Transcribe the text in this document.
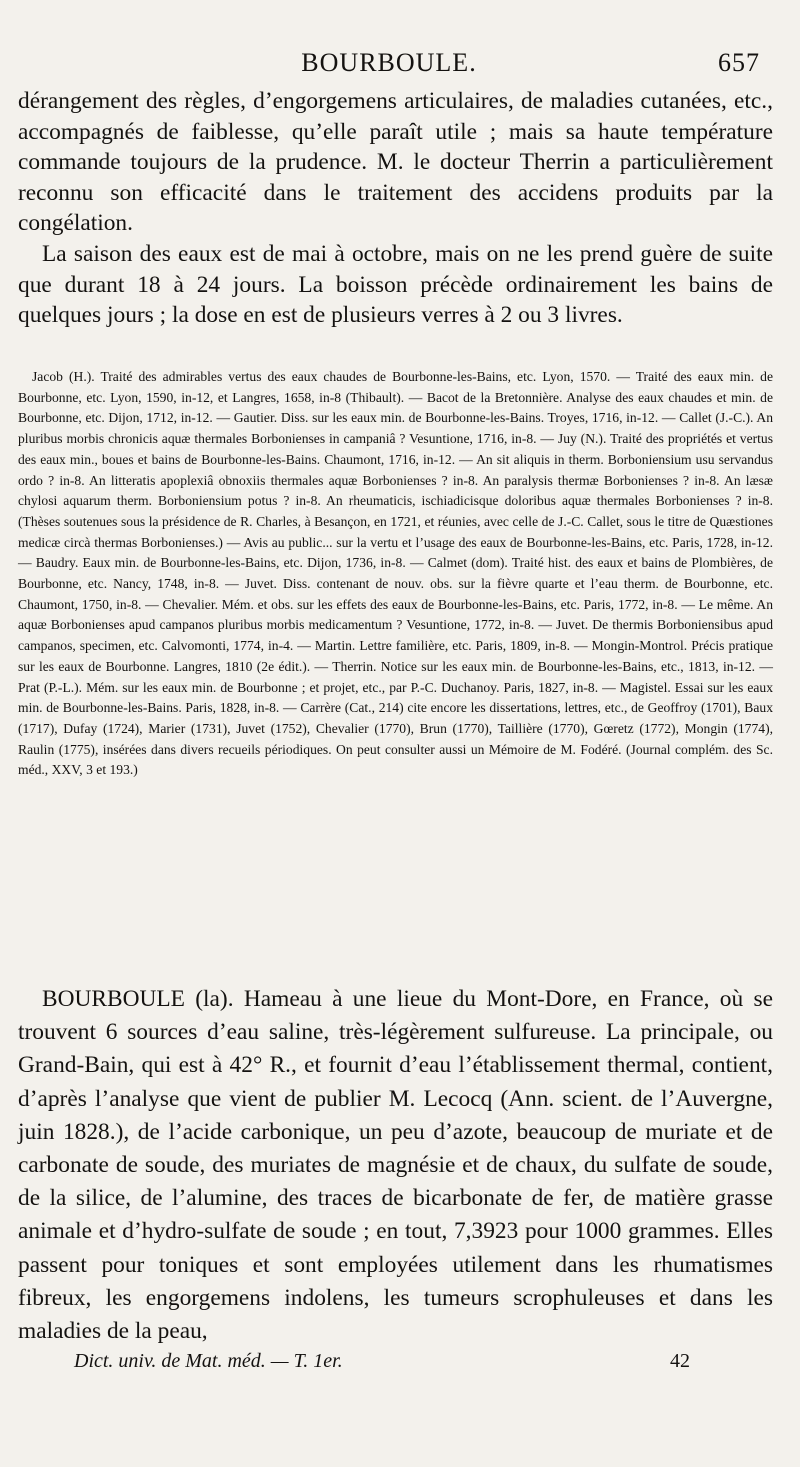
BOURBOULE.	657

dérangement des règles, d’engorgemens articulaires, de maladies cutanées, etc., accompagnés de faiblesse, qu’elle paraît utile ; mais sa haute température commande toujours de la prudence. M. le docteur Therrin a particulièrement reconnu son efficacité dans le traitement des accidens produits par la congélation.

La saison des eaux est de mai à octobre, mais on ne les prend guère de suite que durant 18 à 24 jours. La boisson précède ordinairement les bains de quelques jours ; la dose en est de plusieurs verres à 2 ou 3 livres.

Jacob (H.). Traité des admirables vertus des eaux chaudes de Bourbonne-les-Bains, etc. Lyon, 1570. — Traité des eaux min. de Bourbonne, etc. Lyon, 1590, in-12, et Langres, 1658, in-8 (Thibault). — Bacot de la Bretonnière. Analyse des eaux chaudes et min. de Bourbonne, etc. Dijon, 1712, in-12. — Gautier. Diss. sur les eaux min. de Bourbonne-les-Bains. Troyes, 1716, in-12. — Callet (J.-C.). An pluribus morbis chronicis aquæ thermales Borbonienses in campaniâ ? Vesuntione, 1716, in-8. — Juy (N.). Traité des propriétés et vertus des eaux min., boues et bains de Bourbonne-les-Bains. Chaumont, 1716, in-12. — An sit aliquis in therm. Borboniensium usu servandus ordo ? in-8. An litteratis apoplexiâ obnoxiis thermales aquæ Borbonienses ? in-8. An paralysis thermæ Borbonienses ? in-8. An læsæ chylosi aquarum therm. Borboniensium potus ? in-8. An rheumaticis, ischiadicisque doloribus aquæ thermales Borbonienses ? in-8. (Thèses soutenues sous la présidence de R. Charles, à Besançon, en 1721, et réunies, avec celle de J.-C. Callet, sous le titre de Quæstiones medicæ circà thermas Borbonienses.) — Avis au public... sur la vertu et l’usage des eaux de Bourbonne-les-Bains, etc. Paris, 1728, in-12. — Baudry. Eaux min. de Bourbonne-les-Bains, etc. Dijon, 1736, in-8. — Calmet (dom). Traité hist. des eaux et bains de Plombières, de Bourbonne, etc. Nancy, 1748, in-8. — Juvet. Diss. contenant de nouv. obs. sur la fièvre quarte et l’eau therm. de Bourbonne, etc. Chaumont, 1750, in-8. — Chevalier. Mém. et obs. sur les effets des eaux de Bourbonne-les-Bains, etc. Paris, 1772, in-8. — Le même. An aquæ Borbonienses apud campanos pluribus morbis medicamentum ? Vesuntione, 1772, in-8. — Juvet. De thermis Borboniensibus apud campanos, specimen, etc. Calvomonti, 1774, in-4. — Martin. Lettre familière, etc. Paris, 1809, in-8. — Mongin-Montrol. Précis pratique sur les eaux de Bourbonne. Langres, 1810 (2e édit.). — Therrin. Notice sur les eaux min. de Bourbonne-les-Bains, etc., 1813, in-12. — Prat (P.-L.). Mém. sur les eaux min. de Bourbonne ; et projet, etc., par P.-C. Duchanoy. Paris, 1827, in-8. — Magistel. Essai sur les eaux min. de Bourbonne-les-Bains. Paris, 1828, in-8. — Carrère (Cat., 214) cite encore les dissertations, lettres, etc., de Geoffroy (1701), Baux (1717), Dufay (1724), Marier (1731), Juvet (1752), Chevalier (1770), Brun (1770), Taillière (1770), Gœretz (1772), Mongin (1774), Raulin (1775), insérées dans divers recueils périodiques. On peut consulter aussi un Mémoire de M. Fodéré. (Journal complém. des Sc. méd., XXV, 3 et 193.)

BOURBOULE (la). Hameau à une lieue du Mont-Dore, en France, où se trouvent 6 sources d’eau saline, très-légèrement sulfureuse. La principale, ou Grand-Bain, qui est à 42° R., et fournit d’eau l’établissement thermal, contient, d’après l’analyse que vient de publier M. Lecocq (Ann. scient. de l’Auvergne, juin 1828.), de l’acide carbonique, un peu d’azote, beaucoup de muriate et de carbonate de soude, des muriates de magnésie et de chaux, du sulfate de soude, de la silice, de l’alumine, des traces de bicarbonate de fer, de matière grasse animale et d’hydro-sulfate de soude ; en tout, 7,3923 pour 1000 grammes. Elles passent pour toniques et sont employées utilement dans les rhumatismes fibreux, les engorgemens indolens, les tumeurs scrophuleuses et dans les maladies de la peau,

Dict. univ. de Mat. méd. — T. 1er.	42
